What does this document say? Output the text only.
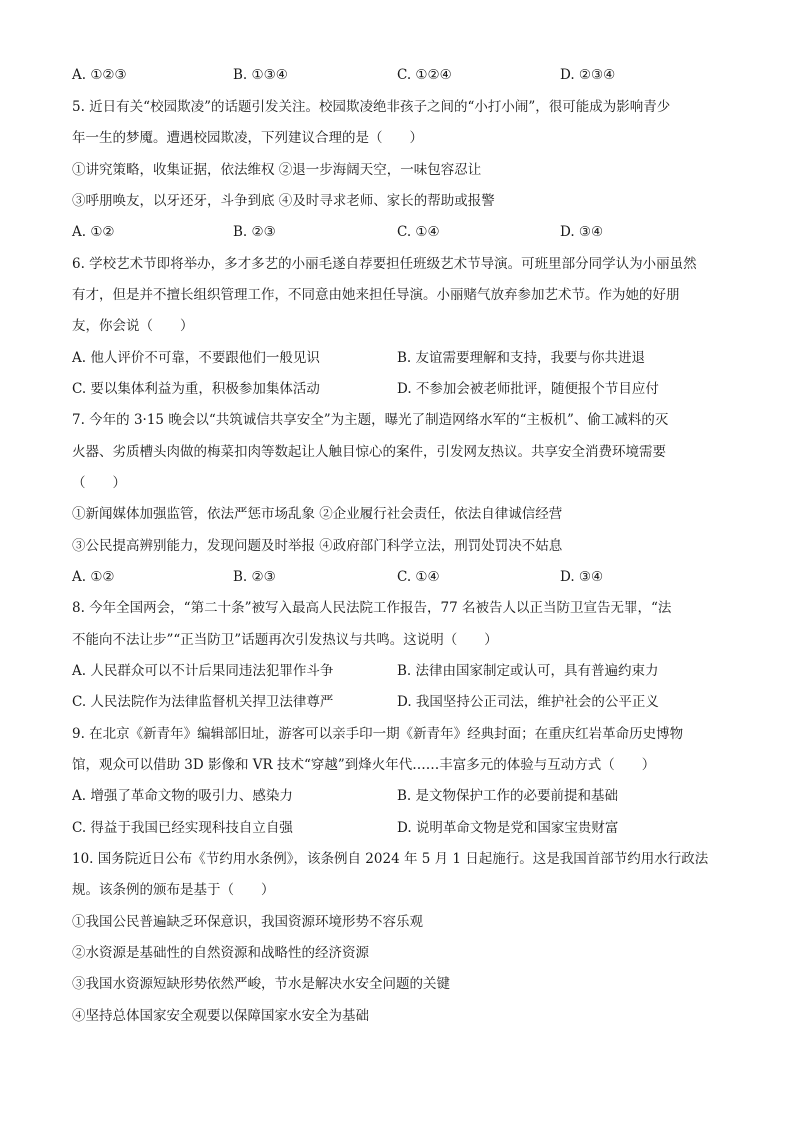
A. ①②③	B. ①③④	C. ①②④	D. ②③④
5. 近日有关“校园欺凌”的话题引发关注。校园欺凌绝非孩子之间的“小打小闹”，很可能成为影响青少
年一生的梦魇。遭遇校园欺凌，下列建议合理的是（　　）
①讲究策略，收集证据，依法维权 ②退一步海阔天空，一味包容忍让
③呼朋唤友，以牙还牙，斗争到底 ④及时寻求老师、家长的帮助或报警
A. ①②	B. ②③	C. ①④	D. ③④
6. 学校艺术节即将举办，多才多艺的小丽毛遂自荐要担任班级艺术节导演。可班里部分同学认为小丽虽然
有才，但是并不擅长组织管理工作，不同意由她来担任导演。小丽赌气放弃参加艺术节。作为她的好朋
友，你会说（　　）
A. 他人评价不可靠，不要跟他们一般见识	B. 友谊需要理解和支持，我要与你共进退
C. 要以集体利益为重，积极参加集体活动	D. 不参加会被老师批评，随便报个节目应付
7. 今年的 3·15 晚会以“共筑诚信共享安全”为主题，曝光了制造网络水军的“主板机”、偷工减料的灭
火器、劣质槽头肉做的梅菜扣肉等数起让人触目惊心的案件，引发网友热议。共享安全消费环境需要
（　　）
①新闻媒体加强监管，依法严惩市场乱象 ②企业履行社会责任，依法自律诚信经营
③公民提高辨别能力，发现问题及时举报 ④政府部门科学立法，刑罚处罚决不姑息
A. ①②	B. ②③	C. ①④	D. ③④
8. 今年全国两会，“第二十条”被写入最高人民法院工作报告，77 名被告人以正当防卫宣告无罪，“法
不能向不法让步”“正当防卫”话题再次引发热议与共鸣。这说明（　　）
A. 人民群众可以不计后果同违法犯罪作斗争	B. 法律由国家制定或认可，具有普遍约束力
C. 人民法院作为法律监督机关捍卫法律尊严	D. 我国坚持公正司法，维护社会的公平正义
9. 在北京《新青年》编辑部旧址，游客可以亲手印一期《新青年》经典封面；在重庆红岩革命历史博物
馆，观众可以借助 3D 影像和 VR 技术“穿越”到烽火年代……丰富多元的体验与互动方式（　　）
A. 增强了革命文物的吸引力、感染力	B. 是文物保护工作的必要前提和基础
C. 得益于我国已经实现科技自立自强	D. 说明革命文物是党和国家宝贵财富
10. 国务院近日公布《节约用水条例》，该条例自 2024 年 5 月 1 日起施行。这是我国首部节约用水行政法
规。该条例的颁布是基于（　　）
①我国公民普遍缺乏环保意识，我国资源环境形势不容乐观
②水资源是基础性的自然资源和战略性的经济资源
③我国水资源短缺形势依然严峻，节水是解决水安全问题的关键
④坚持总体国家安全观要以保障国家水安全为基础
